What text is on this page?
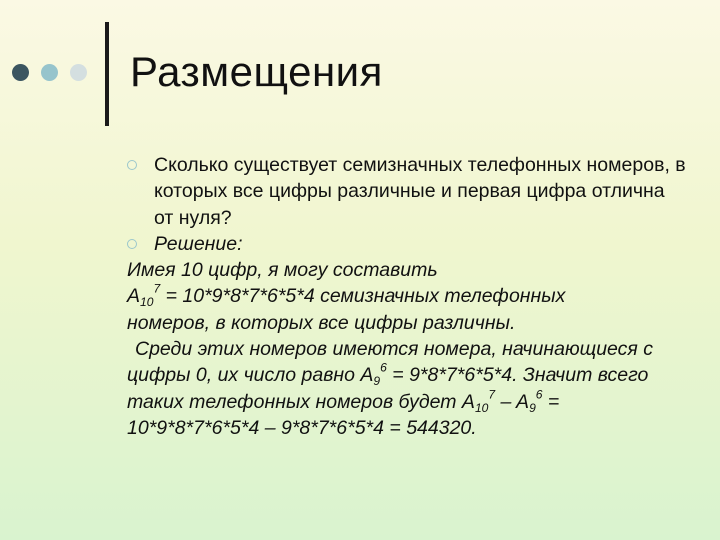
Размещения
Сколько существует семизначных телефонных номеров, в которых все цифры различные и первая цифра отлична от нуля?
Решение:
Имея 10 цифр, я могу составить
$A_{10}^7 = 10*9*8*7*6*5*4$ семизначных телефонных
номеров, в которых все цифры различны.
Среди этих номеров имеются номера, начинающиеся с
цифры 0, их число равно $A_9^6 = 9*8*7*6*5*4$. Значит всего
таких телефонных номеров будет $A_{10}^7 - A_9^6$ =
10*9*8*7*6*5*4 – 9*8*7*6*5*4 = 544320.
